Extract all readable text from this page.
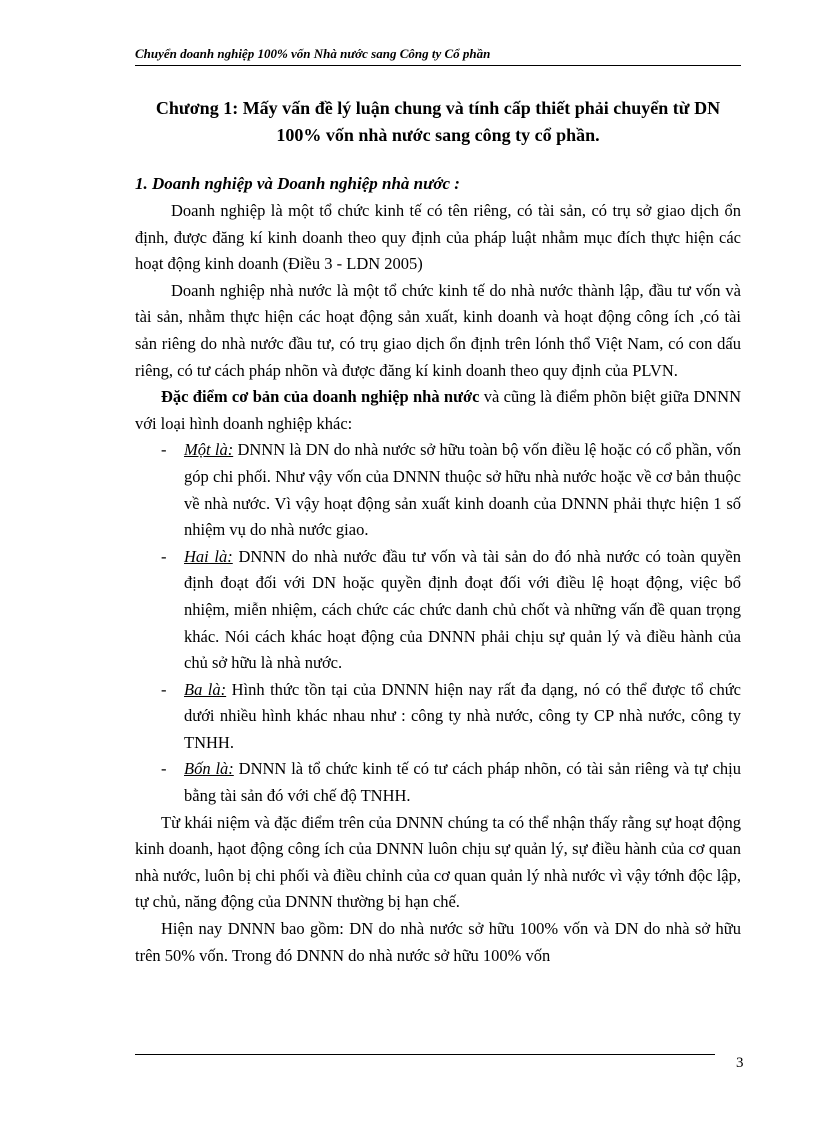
Chuyển doanh nghiệp 100% vốn Nhà nước sang Công ty Cổ phần
Chương 1: Mấy vấn đề lý luận chung và tính cấp thiết phải chuyển từ DN 100% vốn nhà nước sang công ty cổ phần.
1. Doanh nghiệp và Doanh nghiệp nhà nước :

Doanh nghiệp là một tổ chức kinh tế có tên riêng, có tài sản, có trụ sở giao dịch ổn định, được đăng kí kinh doanh theo quy định của pháp luật nhằm mục đích thực hiện các hoạt động kinh doanh (Điều 3 - LDN 2005)

Doanh nghiệp nhà nước là một tổ chức kinh tế do nhà nước thành lập, đầu tư vốn và tài sản, nhằm thực hiện các hoạt động sản xuất, kinh doanh và hoạt động công ích ,có tài sản riêng do nhà nước đầu tư, có trụ giao dịch ổn định trên lónh thổ Việt Nam, có con dấu riêng, có tư cách pháp nhõn và được đăng kí kinh doanh theo quy định của PLVN.

Đặc điểm cơ bản của doanh nghiệp nhà nước và cũng là điểm phõn biệt giữa DNNN với loại hình doanh nghiệp khác:

- Một là: DNNN là DN do nhà nước sở hữu toàn bộ vốn điều lệ hoặc có cổ phần, vốn góp chi phối. Như vậy vốn của DNNN thuộc sở hữu nhà nước hoặc về cơ bản thuộc về nhà nước. Vì vậy hoạt động sản xuất kinh doanh của DNNN phải thực hiện 1 số nhiệm vụ do nhà nước giao.
- Hai là: DNNN do nhà nước đầu tư vốn và tài sản do đó nhà nước có toàn quyền định đoạt đối với DN hoặc quyền định đoạt đối với điều lệ hoạt động, việc bổ nhiệm, miễn nhiệm, cách chức các chức danh chủ chốt và những vấn đề quan trọng khác. Nói cách khác hoạt động của DNNN phải chịu sự quản lý và điều hành của chủ sở hữu là nhà nước.
- Ba là: Hình thức tồn tại của DNNN hiện nay rất đa dạng, nó có thể được tổ chức dưới nhiều hình khác nhau như : công ty nhà nước, công ty CP nhà nước, công ty TNHH.
- Bốn là: DNNN là tổ chức kinh tế có tư cách pháp nhõn, có tài sản riêng và tự chịu bằng tài sản đó với chế độ TNHH.

Từ khái niệm và đặc điểm trên của DNNN chúng ta có thể nhận thấy rằng sự hoạt động kinh doanh, hạot động công ích của DNNN luôn chịu sự quản lý, sự điều hành của cơ quan nhà nước, luôn bị chi phối và điều chỉnh của cơ quan quản lý nhà nước vì vậy tớnh độc lập, tự chủ, năng động của DNNN thường bị hạn chế.

Hiện nay DNNN bao gồm: DN do nhà nước sở hữu 100% vốn và DN do nhà sở hữu trên 50% vốn. Trong đó DNNN do nhà nước sở hữu 100% vốn

3
